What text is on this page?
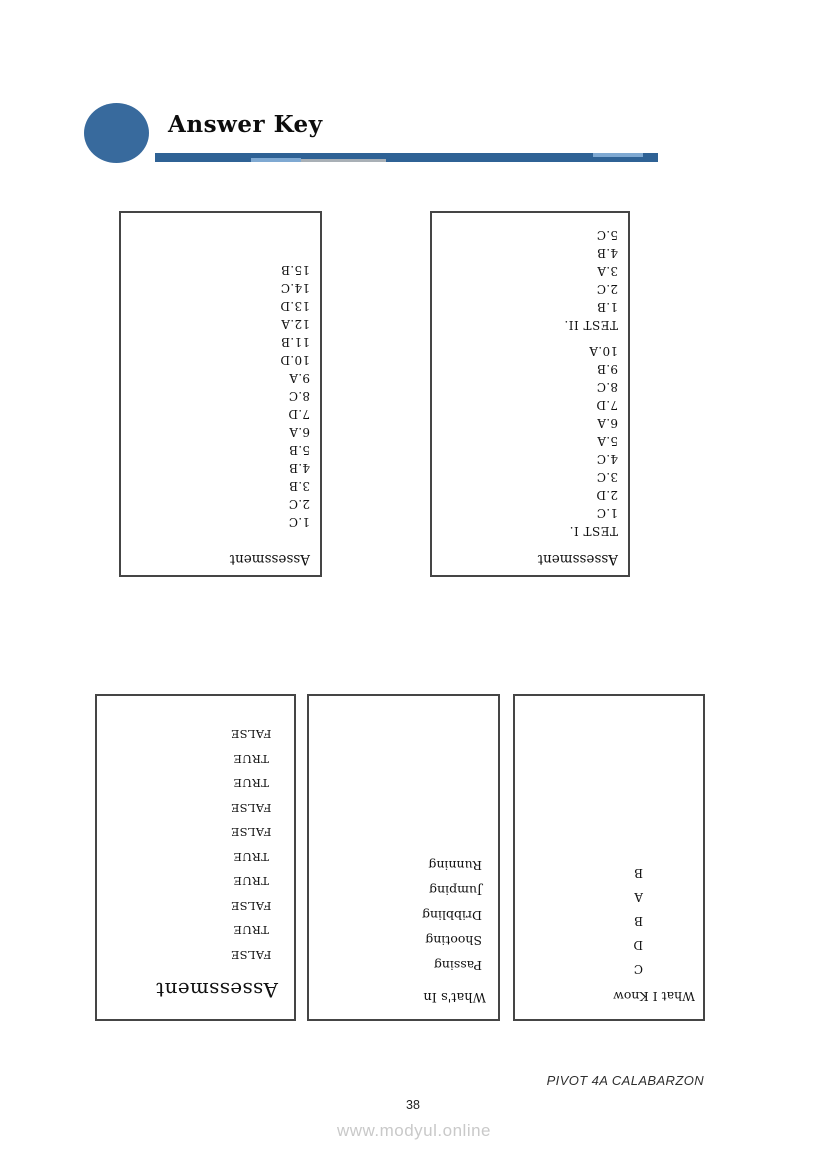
Answer Key
Assessment
1.C
2.C
3.B
4.B
5.B
6.A
7.D
8.C
9.A
10.D
11.B
12.A
13.D
14.C
15.B
Assessment
TEST I.
1.C
2.D
3.C
4.C
5.A
6.A
7.D
8.C
9.B
10.A
TEST II.
1.B
2.C
3.A
4.B
5.C
Assessment
FALSE
TRUE
FALSE
TRUE
TRUE
FALSE
FALSE
TRUE
TRUE
FALSE
What's In
Passing
Shooting
Dribbling
Jumping
Running
What I Know
C
D
B
A
B
PIVOT 4A CALABARZON
38
www.modyul.online
